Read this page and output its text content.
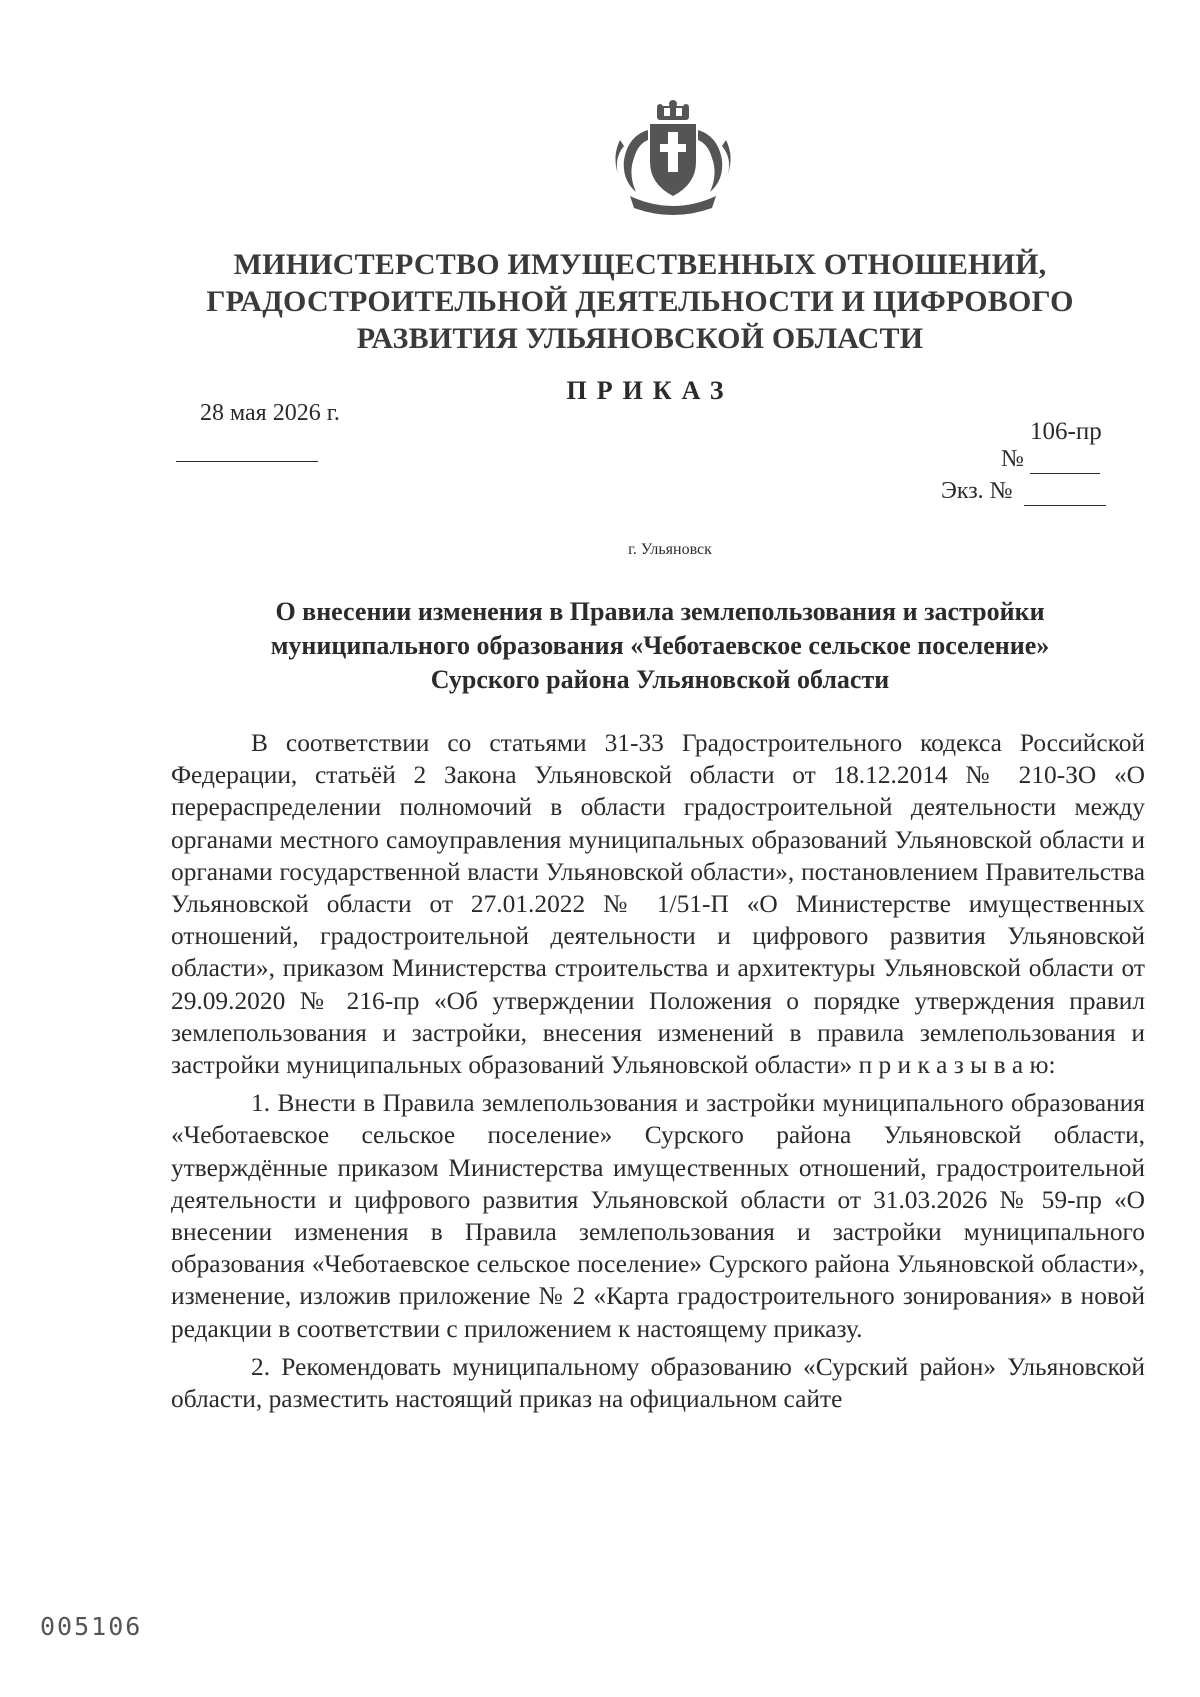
МИНИСТЕРСТВО ИМУЩЕСТВЕННЫХ ОТНОШЕНИЙ,
ГРАДОСТРОИТЕЛЬНОЙ ДЕЯТЕЛЬНОСТИ И ЦИФРОВОГО
РАЗВИТИЯ УЛЬЯНОВСКОЙ ОБЛАСТИ
ПРИКАЗ
28 мая 2026 г.
106-пр
№
Экз. №
г. Ульяновск
О внесении изменения в Правила землепользования и застройки
муниципального образования «Чеботаевское сельское поселение»
Сурского района Ульяновской области

В соответствии со статьями 31-33 Градостроительного кодекса Российской Федерации, статьёй 2 Закона Ульяновской области от 18.12.2014 № 210-ЗО «О перераспределении полномочий в области градостроительной деятельности между органами местного самоуправления муниципальных образований Ульяновской области и органами государственной власти Ульяновской области», постановлением Правительства Ульяновской области от 27.01.2022 № 1/51-П «О Министерстве имущественных отношений, градостроительной деятельности и цифрового развития Ульяновской области», приказом Министерства строительства и архитектуры Ульяновской области от 29.09.2020 № 216-пр «Об утверждении Положения о порядке утверждения правил землепользования и застройки, внесения изменений в правила землепользования и застройки муниципальных образований Ульяновской области» п р и к а з ы в а ю:

1. Внести в Правила землепользования и застройки муниципального образования «Чеботаевское сельское поселение» Сурского района Ульяновской области, утверждённые приказом Министерства имущественных отношений, градостроительной деятельности и цифрового развития Ульяновской области от 31.03.2026 № 59-пр «О внесении изменения в Правила землепользования и застройки муниципального образования «Чеботаевское сельское поселение» Сурского района Ульяновской области», изменение, изложив приложение № 2 «Карта градостроительного зонирования» в новой редакции в соответствии с приложением к настоящему приказу.

2. Рекомендовать муниципальному образованию «Сурский район» Ульяновской области, разместить настоящий приказ на официальном сайте

005106
